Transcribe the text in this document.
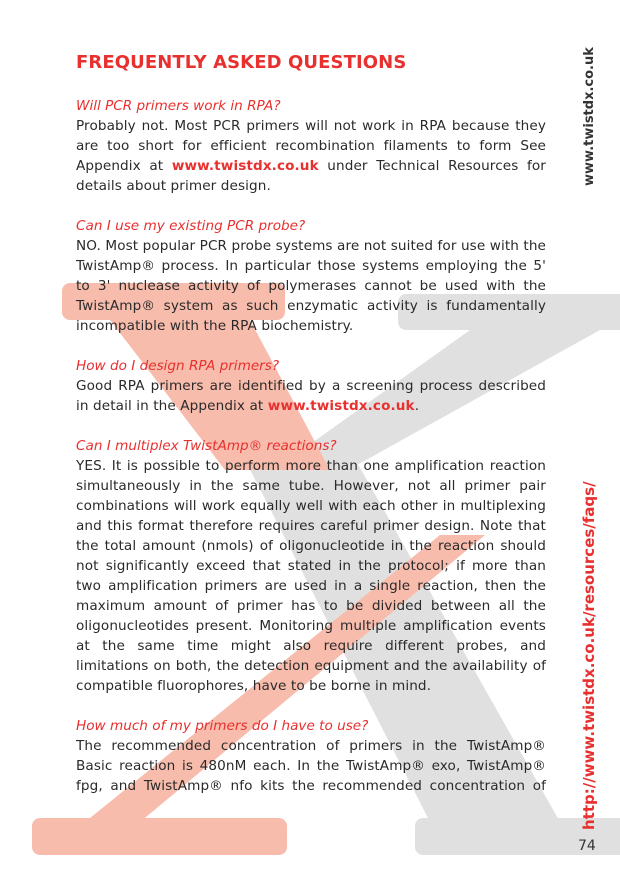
FREQUENTLY ASKED QUESTIONS

Will PCR primers work in RPA?

Probably not. Most PCR primers will not work in RPA because they are too short for efficient recombination filaments to form See Appendix at www.twistdx.co.uk under Technical Resources for details about primer design.

Can I use my existing PCR probe?

NO. Most popular PCR probe systems are not suited for use with the TwistAmp® process. In particular those systems employing the 5' to 3' nuclease activity of polymerases cannot be used with the TwistAmp® system as such enzymatic activity is fundamentally incompatible with the RPA biochemistry.

How do I design RPA primers?

Good RPA primers are identified by a screening process described in detail in the Appendix at www.twistdx.co.uk.

Can I multiplex TwistAmp® reactions?

YES. It is possible to perform more than one amplification reaction simultaneously in the same tube. However, not all primer pair combinations will work equally well with each other in multiplexing and this format therefore requires careful primer design. Note that the total amount (nmols) of oligonucleotide in the reaction should not significantly exceed that stated in the protocol; if more than two amplification primers are used in a single reaction, then the maximum amount of primer has to be divided between all the oligonucleotides present. Monitoring multiple amplification events at the same time might also require different probes, and limitations on both, the detection equipment and the availability of compatible fluorophores, have to be borne in mind.

How much of my primers do I have to use?

The recommended concentration of primers in the TwistAmp® Basic reaction is 480nM each. In the TwistAmp® exo, TwistAmp® fpg, and TwistAmp® nfo kits the recommended concentration of

www.twistdx.co.uk
http://www.twistdx.co.uk/resources/faqs/
74
